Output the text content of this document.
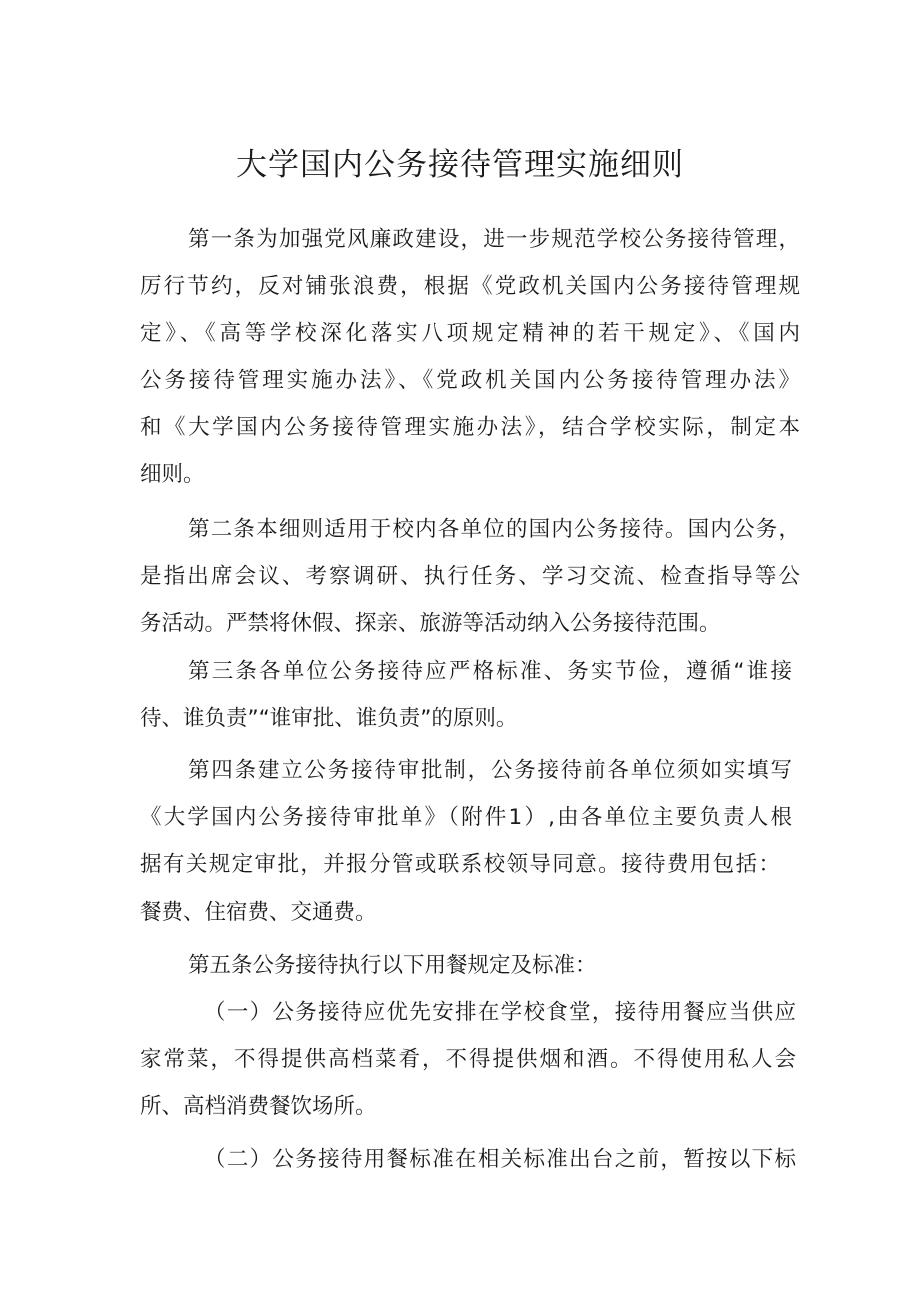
大学国内公务接待管理实施细则
第一条为加强党风廉政建设，进一步规范学校公务接待管理，
厉行节约，反对铺张浪费，根据《党政机关国内公务接待管理规
定》、《高等学校深化落实八项规定精神的若干规定》、《国内
公务接待管理实施办法》、《党政机关国内公务接待管理办法》
和《大学国内公务接待管理实施办法》，结合学校实际，制定本
细则。
第二条本细则适用于校内各单位的国内公务接待。国内公务，
是指出席会议、考察调研、执行任务、学习交流、检查指导等公
务活动。严禁将休假、探亲、旅游等活动纳入公务接待范围。
第三条各单位公务接待应严格标准、务实节俭，遵循“谁接
待、谁负责”“谁审批、谁负责”的原则。
第四条建立公务接待审批制，公务接待前各单位须如实填写
《大学国内公务接待审批单》（附件1）,由各单位主要负责人根
据有关规定审批，并报分管或联系校领导同意。接待费用包括：
餐费、住宿费、交通费。
第五条公务接待执行以下用餐规定及标准：
（一）公务接待应优先安排在学校食堂，接待用餐应当供应
家常菜，不得提供高档菜肴，不得提供烟和酒。不得使用私人会
所、高档消费餐饮场所。
（二）公务接待用餐标准在相关标准出台之前，暂按以下标
